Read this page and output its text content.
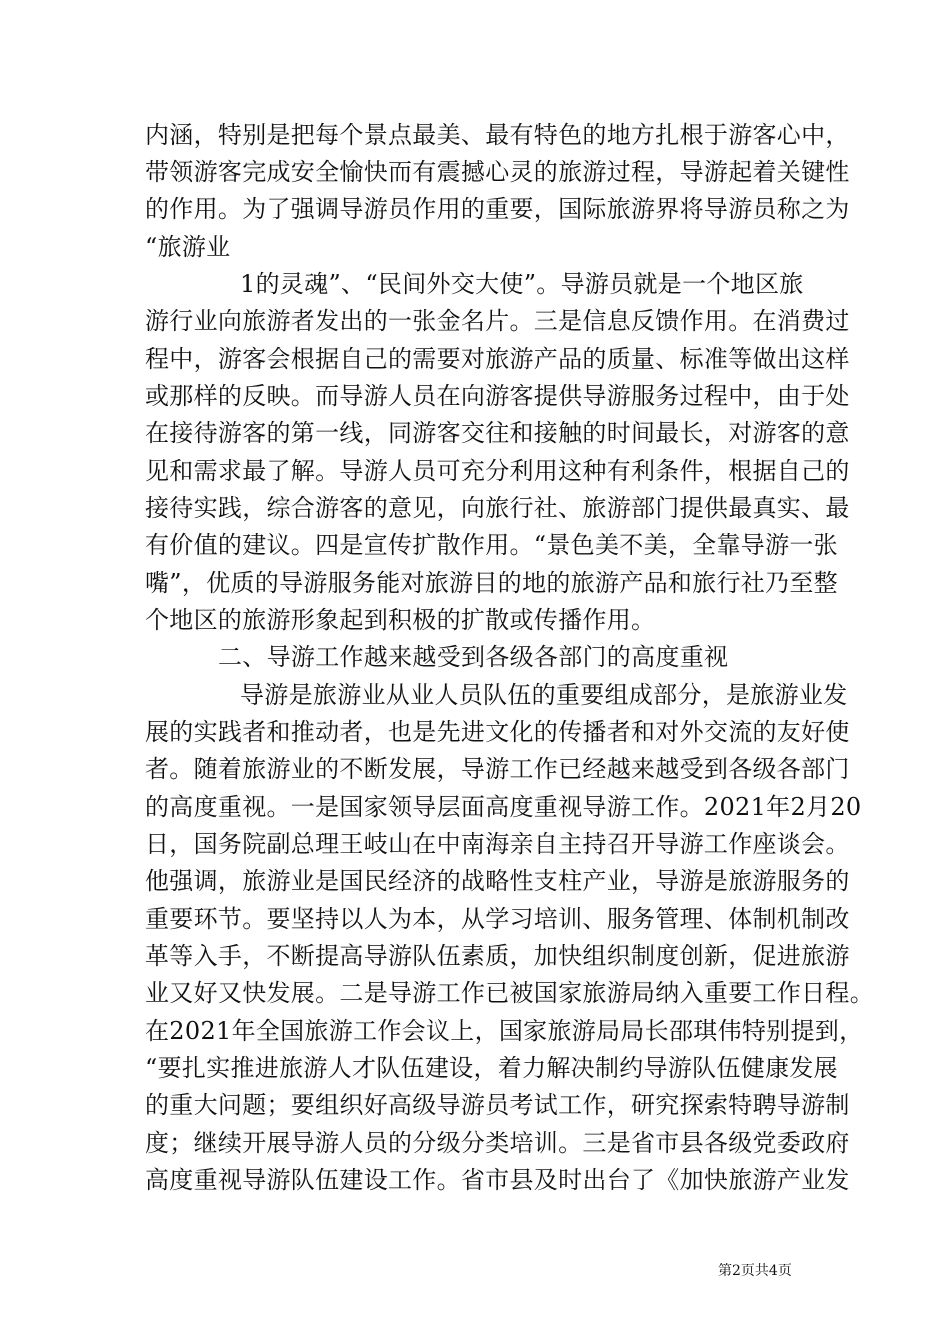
内涵，特别是把每个景点最美、最有特色的地方扎根于游客心中，
带领游客完成安全愉快而有震撼心灵的旅游过程，导游起着关键性
的作用。为了强调导游员作用的重要，国际旅游界将导游员称之为
“旅游业
1的灵魂”、“民间外交大使”。导游员就是一个地区旅
游行业向旅游者发出的一张金名片。三是信息反馈作用。在消费过
程中，游客会根据自己的需要对旅游产品的质量、标准等做出这样
或那样的反映。而导游人员在向游客提供导游服务过程中，由于处
在接待游客的第一线，同游客交往和接触的时间最长，对游客的意
见和需求最了解。导游人员可充分利用这种有利条件，根据自己的
接待实践，综合游客的意见，向旅行社、旅游部门提供最真实、最
有价值的建议。四是宣传扩散作用。“景色美不美，全靠导游一张
嘴”，优质的导游服务能对旅游目的地的旅游产品和旅行社乃至整
个地区的旅游形象起到积极的扩散或传播作用。
二、导游工作越来越受到各级各部门的高度重视
导游是旅游业从业人员队伍的重要组成部分，是旅游业发
展的实践者和推动者，也是先进文化的传播者和对外交流的友好使
者。随着旅游业的不断发展，导游工作已经越来越受到各级各部门
的高度重视。一是国家领导层面高度重视导游工作。2021年2月20
日，国务院副总理王岐山在中南海亲自主持召开导游工作座谈会。
他强调，旅游业是国民经济的战略性支柱产业，导游是旅游服务的
重要环节。要坚持以人为本，从学习培训、服务管理、体制机制改
革等入手，不断提高导游队伍素质，加快组织制度创新，促进旅游
业又好又快发展。二是导游工作已被国家旅游局纳入重要工作日程。
在2021年全国旅游工作会议上，国家旅游局局长邵琪伟特别提到，
“要扎实推进旅游人才队伍建设，着力解决制约导游队伍健康发展
的重大问题；要组织好高级导游员考试工作，研究探索特聘导游制
度；继续开展导游人员的分级分类培训。三是省市县各级党委政府
高度重视导游队伍建设工作。省市县及时出台了《加快旅游产业发
第2页共4页
